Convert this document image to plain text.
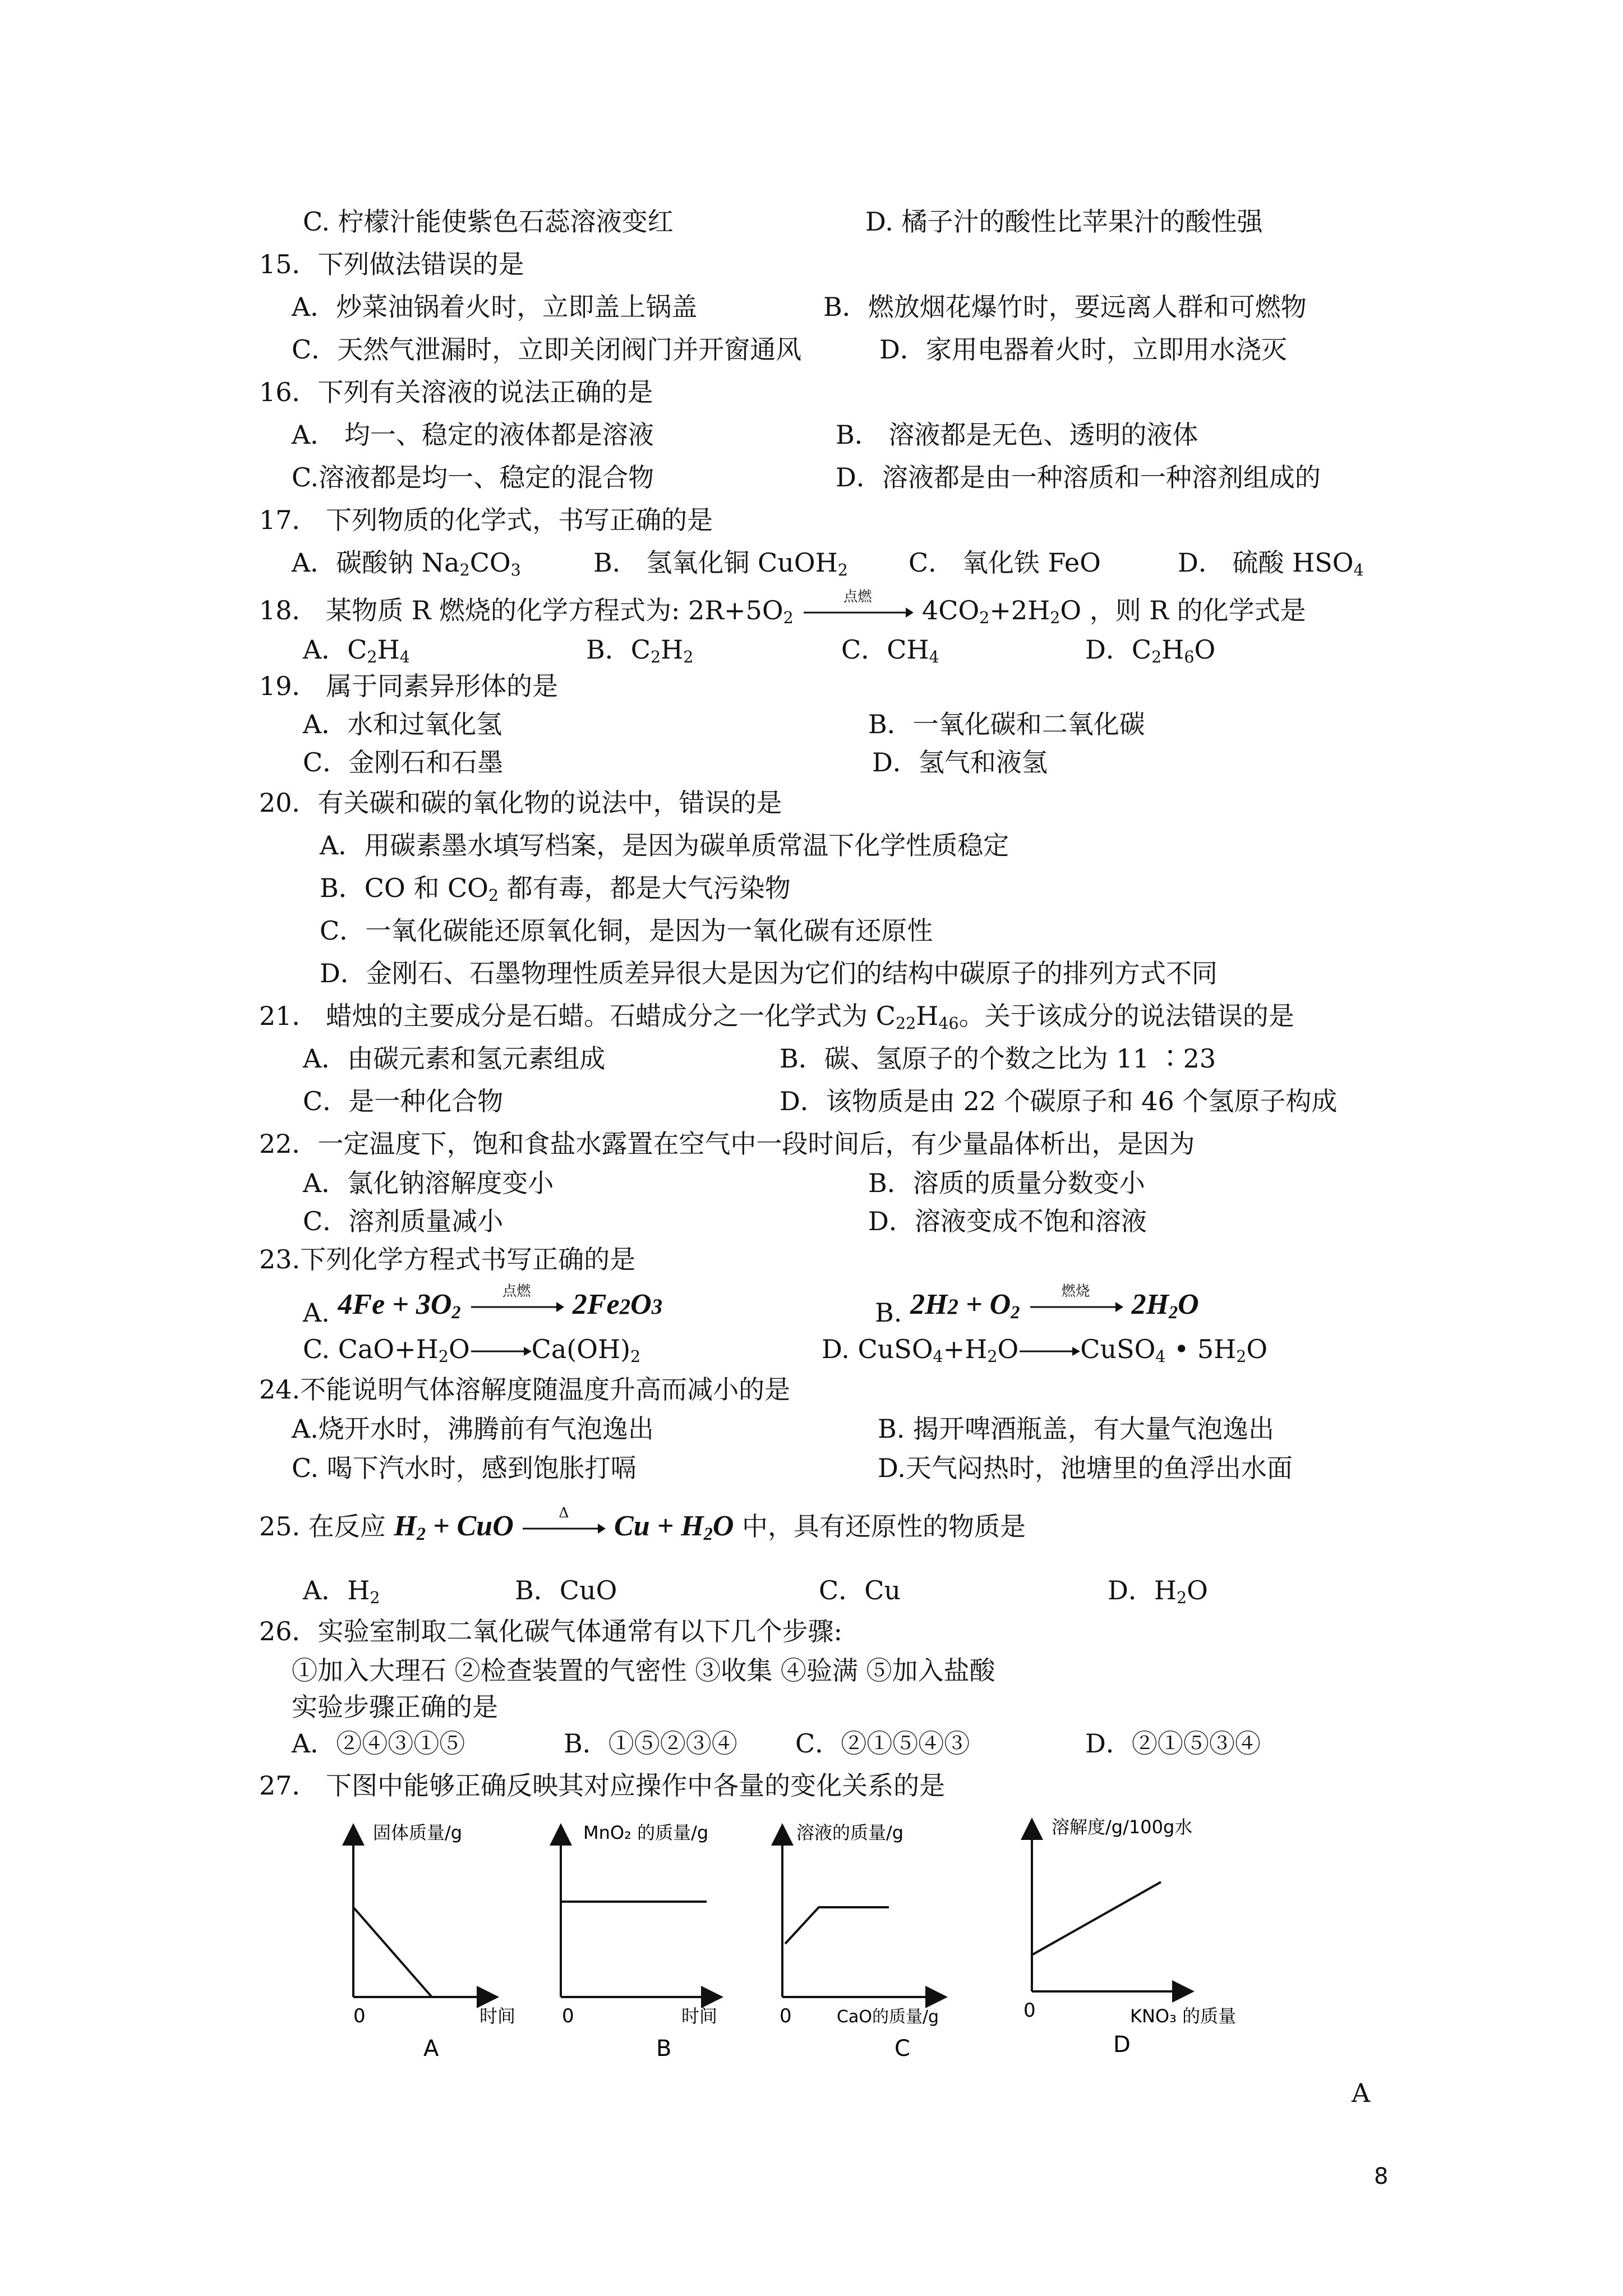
C. 柠檬汁能使紫色石蕊溶液变红	D. 橘子汁的酸性比苹果汁的酸性强
15．下列做法错误的是
A．炒菜油锅着火时，立即盖上锅盖	B．燃放烟花爆竹时，要远离人群和可燃物
C．天然气泄漏时，立即关闭阀门并开窗通风	D．家用电器着火时，立即用水浇灭
16．下列有关溶液的说法正确的是
A． 均一、稳定的液体都是溶液	B． 溶液都是无色、透明的液体
C.溶液都是均一、稳定的混合物	D．溶液都是由一种溶质和一种溶剂组成的
17． 下列物质的化学式，书写正确的是
A．碳酸钠 $Na_2CO_3$	B． 氢氧化铜 CuOH$_2$ C． 氧化铁 FeO	D． 硫酸 $HSO_4$
18． 某物质 R 燃烧的化学方程式为: $2R+5O_2$
点燃	$4CO_2+2H_2O$ ，则 R 的化学式是
A．$C_2H_4$	B．$C_2H_2$	C．$CH_4$	D．$C_2H_6O$
19． 属于同素异形体的是
A．水和过氧化氢	B．一氧化碳和二氧化碳
C．金刚石和石墨	D．氢气和液氢
20．有关碳和碳的氧化物的说法中，错误的是
A．用碳素墨水填写档案，是因为碳单质常温下化学性质稳定
B．CO 和 $CO_2$ 都有毒，都是大气污染物
C．一氧化碳能还原氧化铜，是因为一氧化碳有还原性
D．金刚石、石墨物理性质差异很大是因为它们的结构中碳原子的排列方式不同
21． 蜡烛的主要成分是石蜡。石蜡成分之一化学式为 $C_{22}H_{46}$。关于该成分的说法错误的是
A．由碳元素和氢元素组成	B．碳、氢原子的个数之比为 11 ∶23
C．是一种化合物	D．该物质是由 22 个碳原子和 46 个氢原子构成
22．一定温度下，饱和食盐水露置在空气中一段时间后，有少量晶体析出，是因为
A．氯化钠溶解度变小	B．溶质的质量分数变小
C．溶剂质量减小	D．溶液变成不饱和溶液
23.下列化学方程式书写正确的是
A. $4Fe + 3O_2$
点燃	2Fe2O3	B. $2H2 + O_2$
燃烧	$2H_2O$
C. $CaO+H_2O\to Ca(OH)_2$	D. $CuSO_4+H_2O\to CuSO_4$ • $5H_2O$
24.不能说明气体溶解度随温度升高而减小的是
A.烧开水时，沸腾前有气泡逸出	B. 揭开啤酒瓶盖，有大量气泡逸出
C. 喝下汽水时，感到饱胀打嗝	D.天气闷热时，池塘里的鱼浮出水面
25. 在反应 $H_2$ + CuO	Δ	$Cu + H_2O$ 中，具有还原性的物质是
A．$H_2$	B．CuO	C．Cu	D．$H_2O$
26．实验室制取二氧化碳气体通常有以下几个步骤:
①加入大理石 ②检查装置的气密性 ③收集 ④验满 ⑤加入盐酸
实验步骤正确的是
A．②④③①⑤	B．①⑤②③④ C．②①⑤④③	D．②①⑤③④
27． 下图中能够正确反映其对应操作中各量的变化关系的是
固体质量/g
0	时间
A
MnO₂ 的质量/g
0	时间
B
溶液的质量/g
0	CaO的质量/g
C
溶解度/g/100g水
0	KNO₃ 的质量
D
A
8
